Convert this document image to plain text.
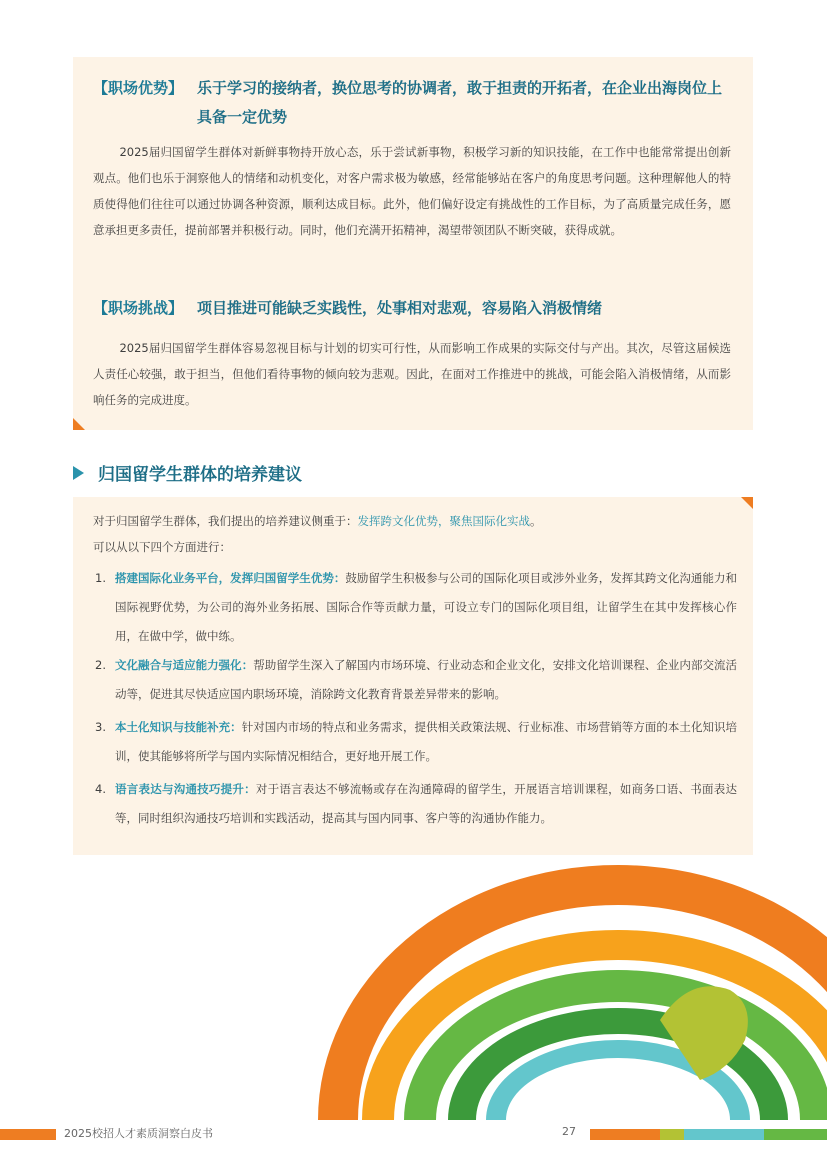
【职场优势】 乐于学习的接纳者，换位思考的协调者，敢于担责的开拓者，在企业出海岗位上具备一定优势
2025届归国留学生群体对新鲜事物持开放心态，乐于尝试新事物，积极学习新的知识技能，在工作中也能常常提出创新观点。他们也乐于洞察他人的情绪和动机变化，对客户需求极为敏感，经常能够站在客户的角度思考问题。这种理解他人的特质使得他们往往可以通过协调各种资源，顺利达成目标。此外，他们偏好设定有挑战性的工作目标，为了高质量完成任务，愿意承担更多责任，提前部署并积极行动。同时，他们充满开拓精神，渴望带领团队不断突破，获得成就。
【职场挑战】 项目推进可能缺乏实践性，处事相对悲观，容易陷入消极情绪
2025届归国留学生群体容易忽视目标与计划的切实可行性，从而影响工作成果的实际交付与产出。其次，尽管这届候选人责任心较强，敢于担当，但他们看待事物的倾向较为悲观。因此，在面对工作推进中的挑战，可能会陷入消极情绪，从而影响任务的完成进度。
归国留学生群体的培养建议
对于归国留学生群体，我们提出的培养建议侧重于：发挥跨文化优势，聚焦国际化实战。
可以从以下四个方面进行：
1. 搭建国际化业务平台，发挥归国留学生优势：鼓励留学生积极参与公司的国际化项目或涉外业务，发挥其跨文化沟通能力和国际视野优势，为公司的海外业务拓展、国际合作等贡献力量，可设立专门的国际化项目组，让留学生在其中发挥核心作用，在做中学，做中练。
2. 文化融合与适应能力强化：帮助留学生深入了解国内市场环境、行业动态和企业文化，安排文化培训课程、企业内部交流活动等，促进其尽快适应国内职场环境，消除跨文化教育背景差异带来的影响。
3. 本土化知识与技能补充：针对国内市场的特点和业务需求，提供相关政策法规、行业标准、市场营销等方面的本土化知识培训，使其能够将所学与国内实际情况相结合，更好地开展工作。
4. 语言表达与沟通技巧提升：对于语言表达不够流畅或存在沟通障碍的留学生，开展语言培训课程，如商务口语、书面表达等，同时组织沟通技巧培训和实践活动，提高其与国内同事、客户等的沟通协作能力。
2025校招人才素质洞察白皮书	27
